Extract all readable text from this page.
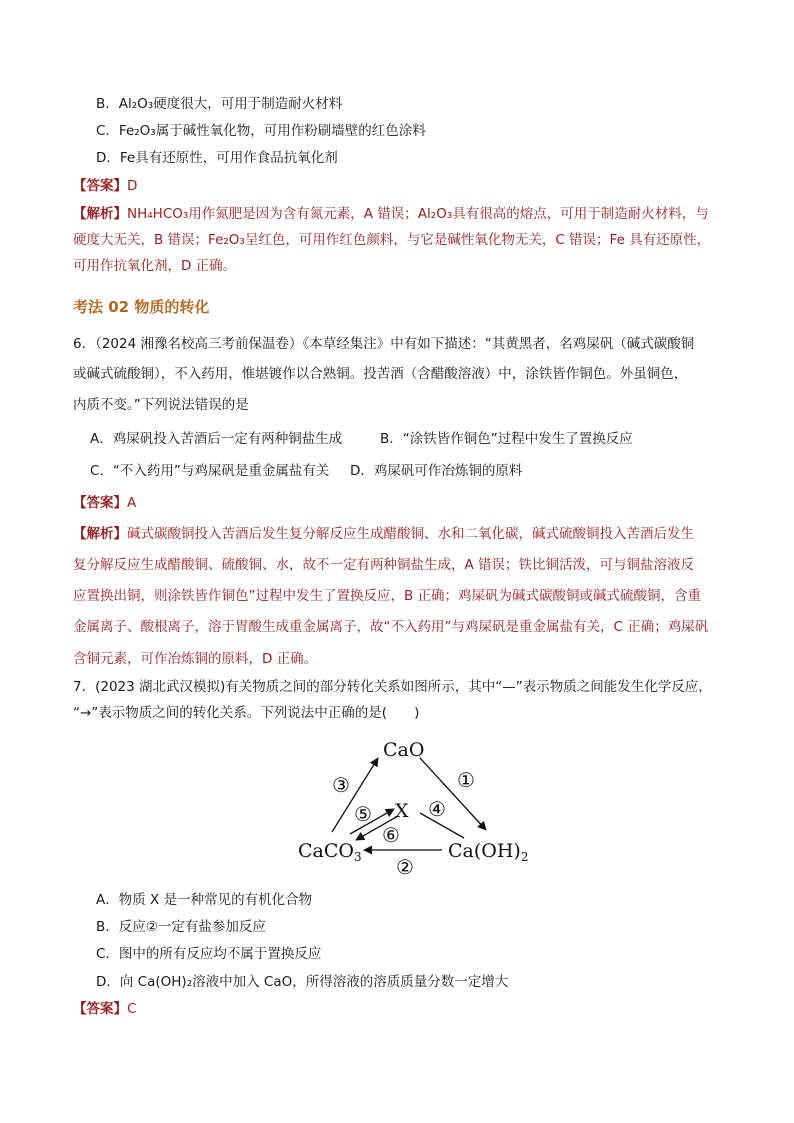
B．Al₂O₃硬度很大，可用于制造耐火材料
C．Fe₂O₃属于碱性氧化物，可用作粉刷墙壁的红色涂料
D．Fe具有还原性，可用作食品抗氧化剂
【答案】D
【解析】NH₄HCO₃用作氮肥是因为含有氮元素，A 错误；Al₂O₃具有很高的熔点，可用于制造耐火材料，与
硬度大无关，B 错误；Fe₂O₃呈红色，可用作红色颜料，与它是碱性氧化物无关，C 错误；Fe 具有还原性，
可用作抗氧化剂，D 正确。
考法 02 物质的转化
6．（2024 湘豫名校高三考前保温卷）《本草经集注》中有如下描述：“其黄黑者，名鸡屎矾（碱式碳酸铜
或碱式硫酸铜），不入药用，惟堪镀作以合熟铜。投苦酒（含醋酸溶液）中，涂铁皆作铜色。外虽铜色，
内质不变。”下列说法错误的是
A．鸡屎矾投入苦酒后一定有两种铜盐生成	B．“涂铁皆作铜色”过程中发生了置换反应
C．“不入药用”与鸡屎矾是重金属盐有关 D．鸡屎矾可作冶炼铜的原料
【答案】A
【解析】碱式碳酸铜投入苦酒后发生复分解反应生成醋酸铜、水和二氧化碳，碱式硫酸铜投入苦酒后发生
复分解反应生成醋酸铜、硫酸铜、水，故不一定有两种铜盐生成，A 错误；铁比铜活泼，可与铜盐溶液反
应置换出铜，则涂铁皆作铜色”过程中发生了置换反应，B 正确；鸡屎矾为碱式碳酸铜或碱式硫酸铜，含重
金属离子、酸根离子，溶于胃酸生成重金属离子，故“不入药用”与鸡屎矾是重金属盐有关，C 正确；鸡屎矾
含铜元素，可作冶炼铜的原料，D 正确。
7．(2023 湖北武汉模拟)有关物质之间的部分转化关系如图所示，其中“—”表示物质之间能发生化学反应，
“→”表示物质之间的转化关系。下列说法中正确的是(　　)
CaO
X
CaCO$_3$	$Ca(OH)_2$
③	①
⑤	④
⑥
②
A．物质 X 是一种常见的有机化合物
B．反应②一定有盐参加反应
C．图中的所有反应均不属于置换反应
D．向 Ca(OH)₂溶液中加入 CaO，所得溶液的溶质质量分数一定增大
【答案】C
